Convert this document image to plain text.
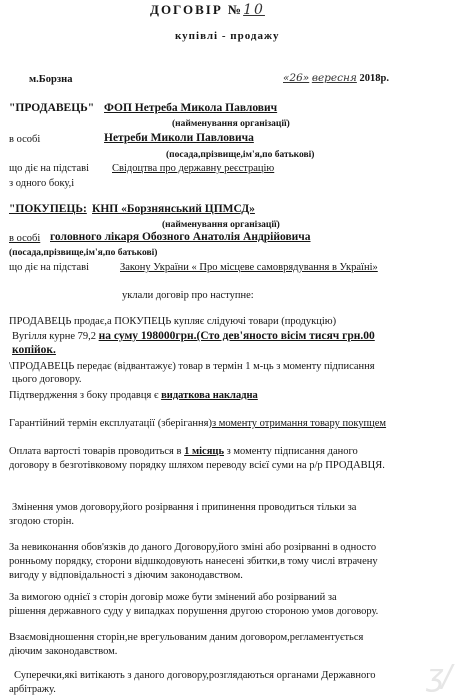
ДОГОВІР №10
купівлі - продажу
м.Борзна	«26» вересня 2018р.
"ПРОДАВЕЦЬ" ФОП Нетреба Микола Павлович
(найменування організації)
в особі	Нетреби Миколи Павловича
(посада,прізвище,ім'я,по батькові)
що діє на підставі Свідоцтва про державну реєстрацію
з одного боку,і
"ПОКУПЕЦЬ: КНП «Борзнянський ЦПМСД»
(найменування організації)
в особі головного лікаря Обозного Анатолія Андрійовича
(посада,прізвище,ім'я,по батькові)
що діє на підставі	Закону України « Про місцеве самоврядування в Україні»
уклали договір про наступне:
ПРОДАВЕЦЬ продає,а ПОКУПЕЦЬ купляє слідуючі товари (продукцію)
Вугілля курне 79,2 на суму 198000грн.(Сто дев'яносто вісім тисяч грн.00
копійок.
\ПРОДАВЕЦЬ передає (відвантажує) товар в термін 1 м-ць з моменту підписання
цього договору.
Підтвердження з боку продавця є видаткова накладна
Гарантійний термін експлуатації (зберігання)з моменту отримання товару покупцем
Оплата вартості товарів проводиться в 1 місяць з моменту підписання даного
договору в безготівковому порядку шляхом переводу всієї суми на р/р ПРОДАВЦЯ.
Змінення умов договору,його розірвання і припинення проводиться тільки за
згодою сторін.
За невиконання обов'язків до даного Договору,його зміні або розірванні в односто
ронньому порядку, сторони відшкодовують нанесені збитки,в тому числі втрачену
вигоду у відповідальності з діючим законодавством.
За вимогою однієї з сторін договір може бути змінений або розірваний за
рішення державного суду у випадках порушення другою стороною умов договору.
Взаємовідношення сторін,не врегульованим даним договором,регламентується
діючим законодавством.
Суперечки,які витікають з даного договору,розглядаються органами Державного
арбітражу.	ʒ/
